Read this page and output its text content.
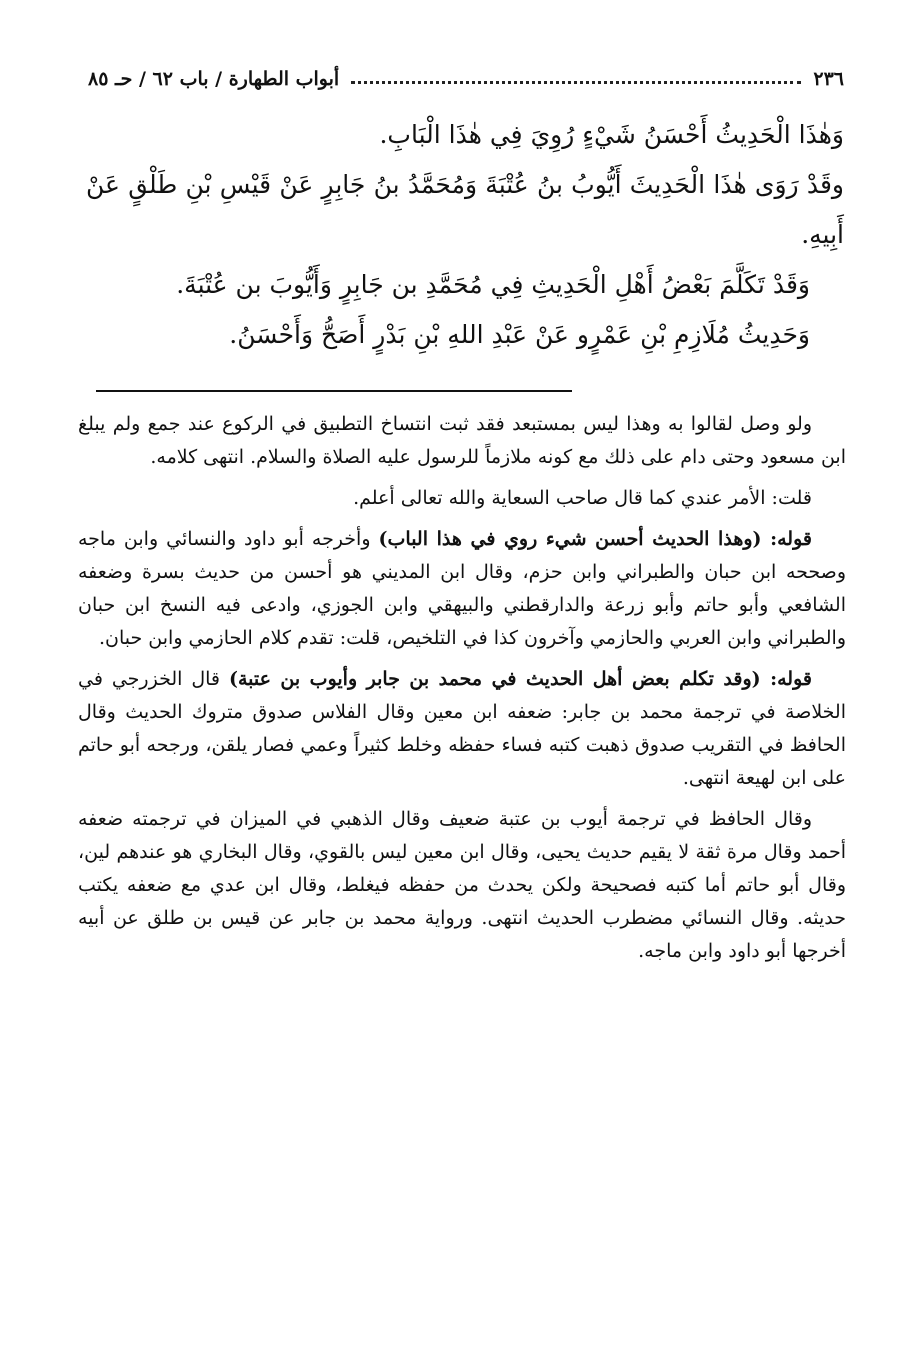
٢٣٦
أبواب الطهارة / باب ٦٢ / حـ ٨٥

وَهٰذَا الْحَدِيثُ أَحْسَنُ شَيْءٍ رُوِيَ فِي هٰذَا الْبَابِ.

وقَدْ رَوَى هٰذَا الْحَدِيثَ أَيُّوبُ بنُ عُتْبَةَ وَمُحَمَّدُ بنُ جَابِرٍ عَنْ قَيْسِ بْنِ طَلْقٍ عَنْ أَبِيهِ.

وَقَدْ تَكَلَّمَ بَعْضُ أَهْلِ الْحَدِيثِ فِي مُحَمَّدِ بن جَابِرٍ وَأَيُّوبَ بن عُتْبَةَ.

وَحَدِيثُ مُلَازِمِ بْنِ عَمْرٍو عَنْ عَبْدِ اللهِ بْنِ بَدْرٍ أَصَحُّ وَأَحْسَنُ.

ولو وصل لقالوا به وهذا ليس بمستبعد فقد ثبت انتساخ التطبيق في الركوع عند جمع ولم يبلغ ابن مسعود وحتى دام على ذلك مع كونه ملازماً للرسول عليه الصلاة والسلام. انتهى كلامه.

قلت: الأمر عندي كما قال صاحب السعاية والله تعالى أعلم.

قوله: (وهذا الحديث أحسن شيء روي في هذا الباب) وأخرجه أبو داود والنسائي وابن ماجه وصححه ابن حبان والطبراني وابن حزم، وقال ابن المديني هو أحسن من حديث بسرة وضعفه الشافعي وأبو حاتم وأبو زرعة والدارقطني والبيهقي وابن الجوزي، وادعى فيه النسخ ابن حبان والطبراني وابن العربي والحازمي وآخرون كذا في التلخيص، قلت: تقدم كلام الحازمي وابن حبان.

قوله: (وقد تكلم بعض أهل الحديث في محمد بن جابر وأيوب بن عتبة) قال الخزرجي في الخلاصة في ترجمة محمد بن جابر: ضعفه ابن معين وقال الفلاس صدوق متروك الحديث وقال الحافظ في التقريب صدوق ذهبت كتبه فساء حفظه وخلط كثيراً وعمي فصار يلقن، ورجحه أبو حاتم على ابن لهيعة انتهى.

وقال الحافظ في ترجمة أيوب بن عتبة ضعيف وقال الذهبي في الميزان في ترجمته ضعفه أحمد وقال مرة ثقة لا يقيم حديث يحيى، وقال ابن معين ليس بالقوي، وقال البخاري هو عندهم لين، وقال أبو حاتم أما كتبه فصحيحة ولكن يحدث من حفظه فيغلط، وقال ابن عدي مع ضعفه يكتب حديثه. وقال النسائي مضطرب الحديث انتهى. ورواية محمد بن جابر عن قيس بن طلق عن أبيه أخرجها أبو داود وابن ماجه.
